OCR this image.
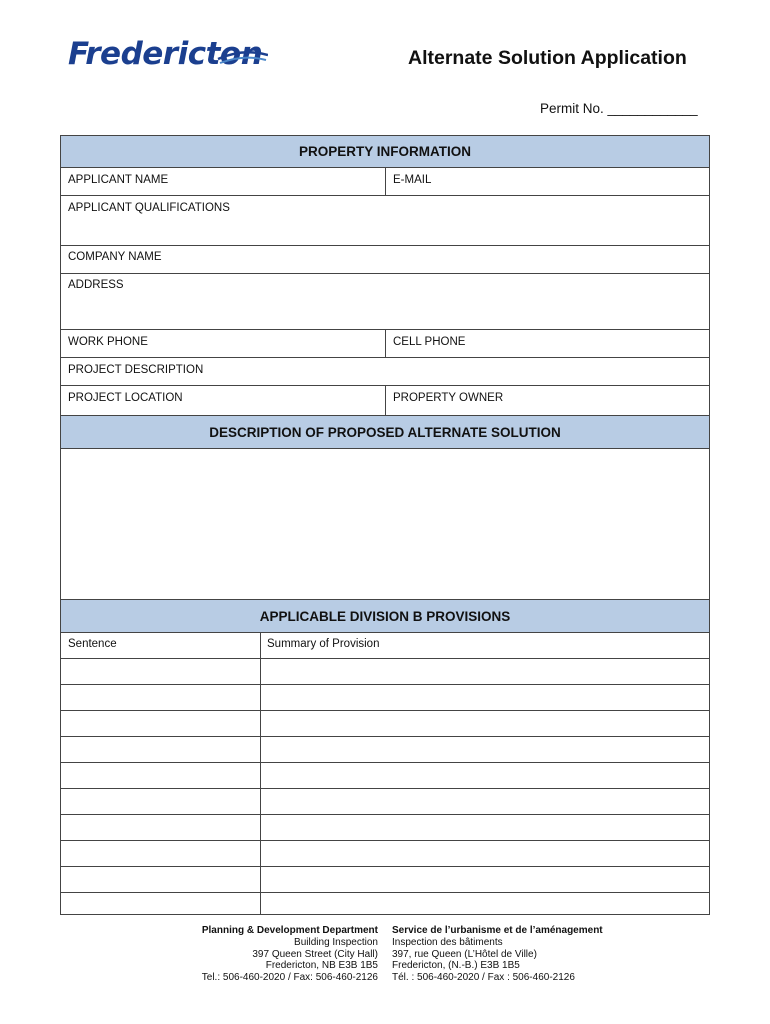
Fredericton	Alternate Solution Application
Permit No. ____________
PROPERTY INFORMATION
APPLICANT NAME	E-MAIL
APPLICANT QUALIFICATIONS
COMPANY NAME
ADDRESS
WORK PHONE	CELL PHONE
PROJECT DESCRIPTION
PROJECT LOCATION	PROPERTY OWNER
DESCRIPTION OF PROPOSED ALTERNATE SOLUTION
APPLICABLE DIVISION B PROVISIONS
Sentence	Summary of Provision
Planning & Development Department
Building Inspection
397 Queen Street (City Hall)
Fredericton, NB E3B 1B5
Tel.: 506-460-2020 / Fax: 506-460-2126
Service de l’urbanisme et de l’aménagement
Inspection des bâtiments
397, rue Queen (L’Hôtel de Ville)
Fredericton, (N.-B.) E3B 1B5
Tél. : 506-460-2020 / Fax : 506-460-2126
